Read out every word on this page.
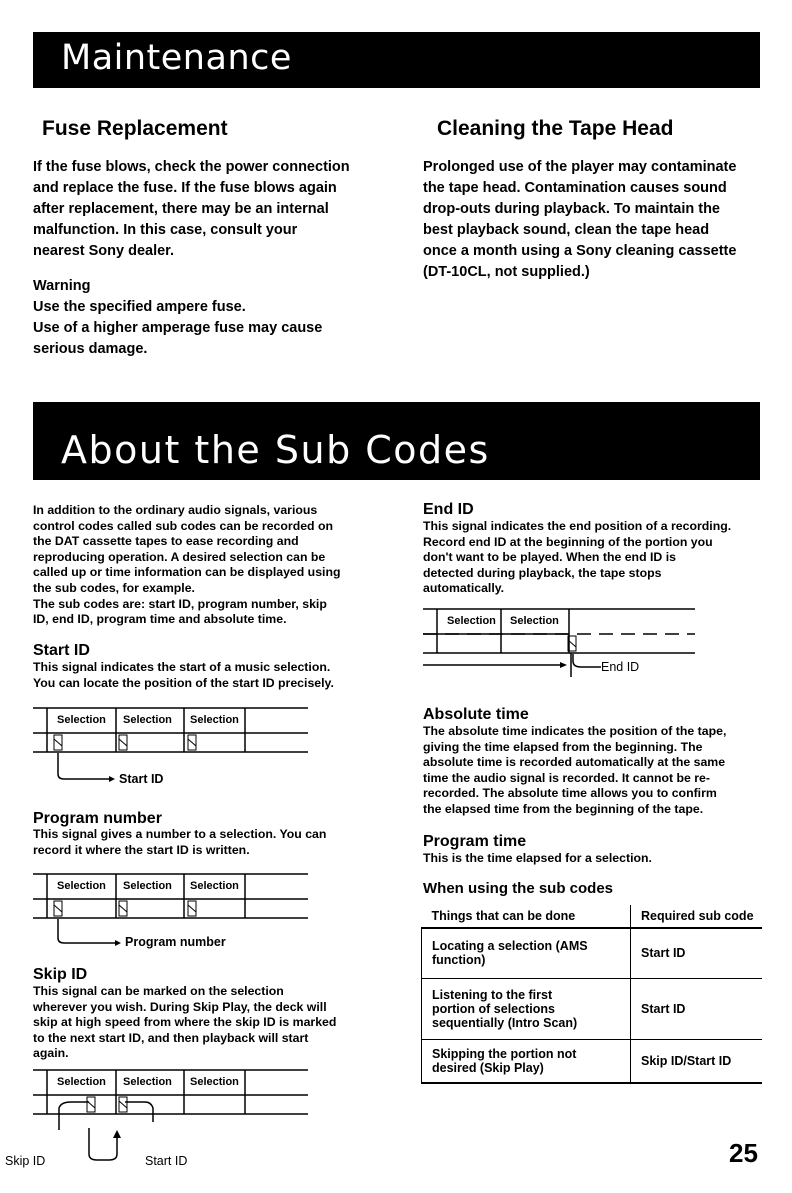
Maintenance
Fuse Replacement
If the fuse blows, check the power connection
and replace the fuse. If the fuse blows again
after replacement, there may be an internal
malfunction. In this case, consult your
nearest Sony dealer.
Warning
Use the specified ampere fuse.
Use of a higher amperage fuse may cause
serious damage.
Cleaning the Tape Head
Prolonged use of the player may contaminate
the tape head. Contamination causes sound
drop-outs during playback. To maintain the
best playback sound, clean the tape head
once a month using a Sony cleaning cassette
(DT-10CL, not supplied.)
About the Sub Codes
In addition to the ordinary audio signals, various
control codes called sub codes can be recorded on
the DAT cassette tapes to ease recording and
reproducing operation. A desired selection can be
called up or time information can be displayed using
the sub codes, for example.
The sub codes are: start ID, program number, skip
ID, end ID, program time and absolute time.
Start ID
This signal indicates the start of a music selection.
You can locate the position of the start ID precisely.
Selection Selection Selection
Start ID
Program number
This signal gives a number to a selection. You can
record it where the start ID is written.
Selection Selection Selection
Program number
Skip ID
This signal can be marked on the selection
wherever you wish. During Skip Play, the deck will
skip at high speed from where the skip ID is marked
to the next start ID, and then playback will start
again.
Selection Selection Selection
Skip ID	Start ID
End ID
This signal indicates the end position of a recording.
Record end ID at the beginning of the portion you
don't want to be played. When the end ID is
detected during playback, the tape stops
automatically.
Selection Selection
End ID
Absolute time
The absolute time indicates the position of the tape,
giving the time elapsed from the beginning. The
absolute time is recorded automatically at the same
time the audio signal is recorded. It cannot be re-
recorded. The absolute time allows you to confirm
the elapsed time from the beginning of the tape.
Program time
This is the time elapsed for a selection.
When using the sub codes
Things that can be done	Required sub code

Locating a selection (AMS
function)	Start ID

Listening to the first
portion of selections
sequentially (Intro Scan)	Start ID

Skipping the portion not
desired (Skip Play)	Skip ID/Start ID
25
